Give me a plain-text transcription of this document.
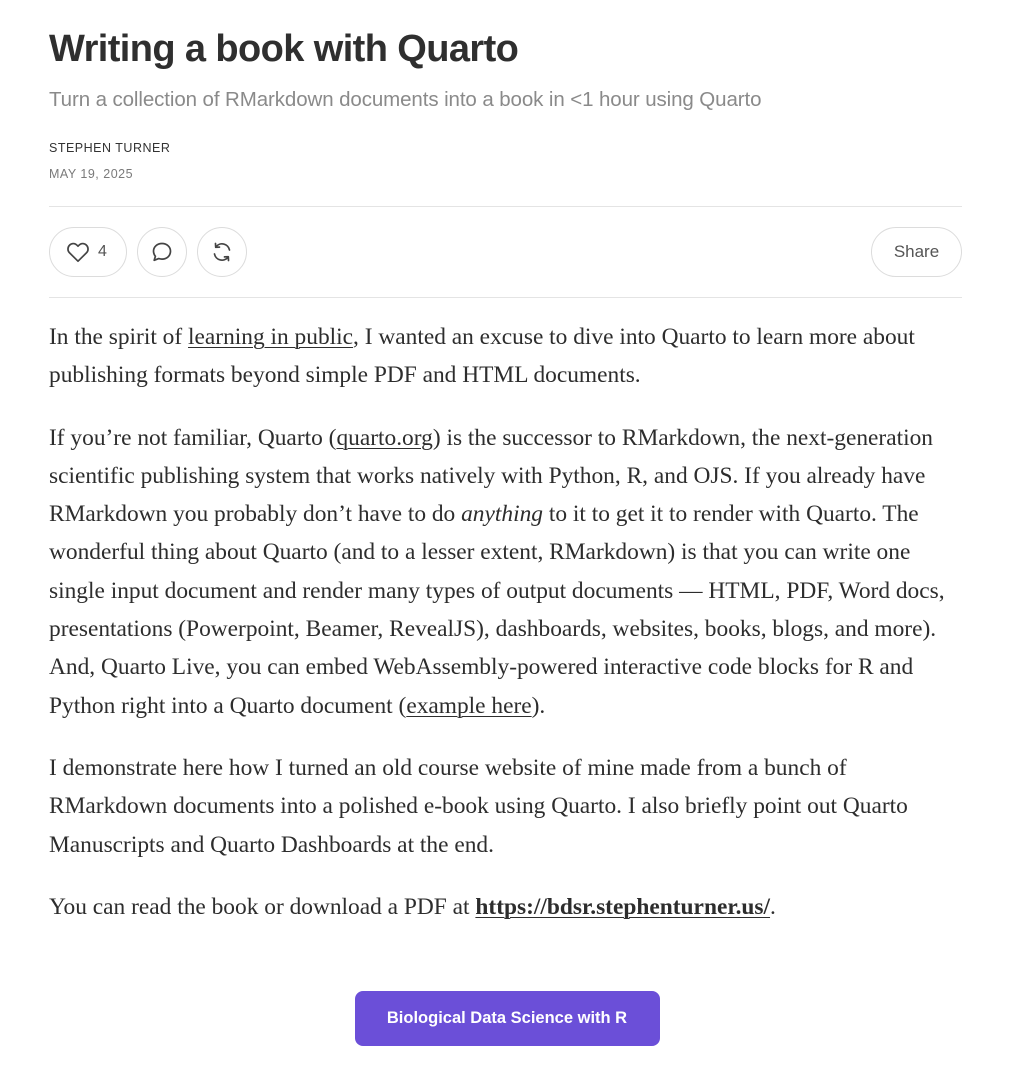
Writing a book with Quarto
Turn a collection of RMarkdown documents into a book in <1 hour using Quarto
STEPHEN TURNER
MAY 19, 2025
4	Share

In the spirit of learning in public, I wanted an excuse to dive into Quarto to learn more about publishing formats beyond simple PDF and HTML documents.

If you’re not familiar, Quarto (quarto.org) is the successor to RMarkdown, the next-generation scientific publishing system that works natively with Python, R, and OJS. If you already have RMarkdown you probably don’t have to do anything to it to get it to render with Quarto. The wonderful thing about Quarto (and to a lesser extent, RMarkdown) is that you can write one single input document and render many types of output documents — HTML, PDF, Word docs, presentations (Powerpoint, Beamer, RevealJS), dashboards, websites, books, blogs, and more). And, Quarto Live, you can embed WebAssembly-powered interactive code blocks for R and Python right into a Quarto document (example here).

I demonstrate here how I turned an old course website of mine made from a bunch of RMarkdown documents into a polished e-book using Quarto. I also briefly point out Quarto Manuscripts and Quarto Dashboards at the end.

You can read the book or download a PDF at https://bdsr.stephenturner.us/.

Biological Data Science with R
